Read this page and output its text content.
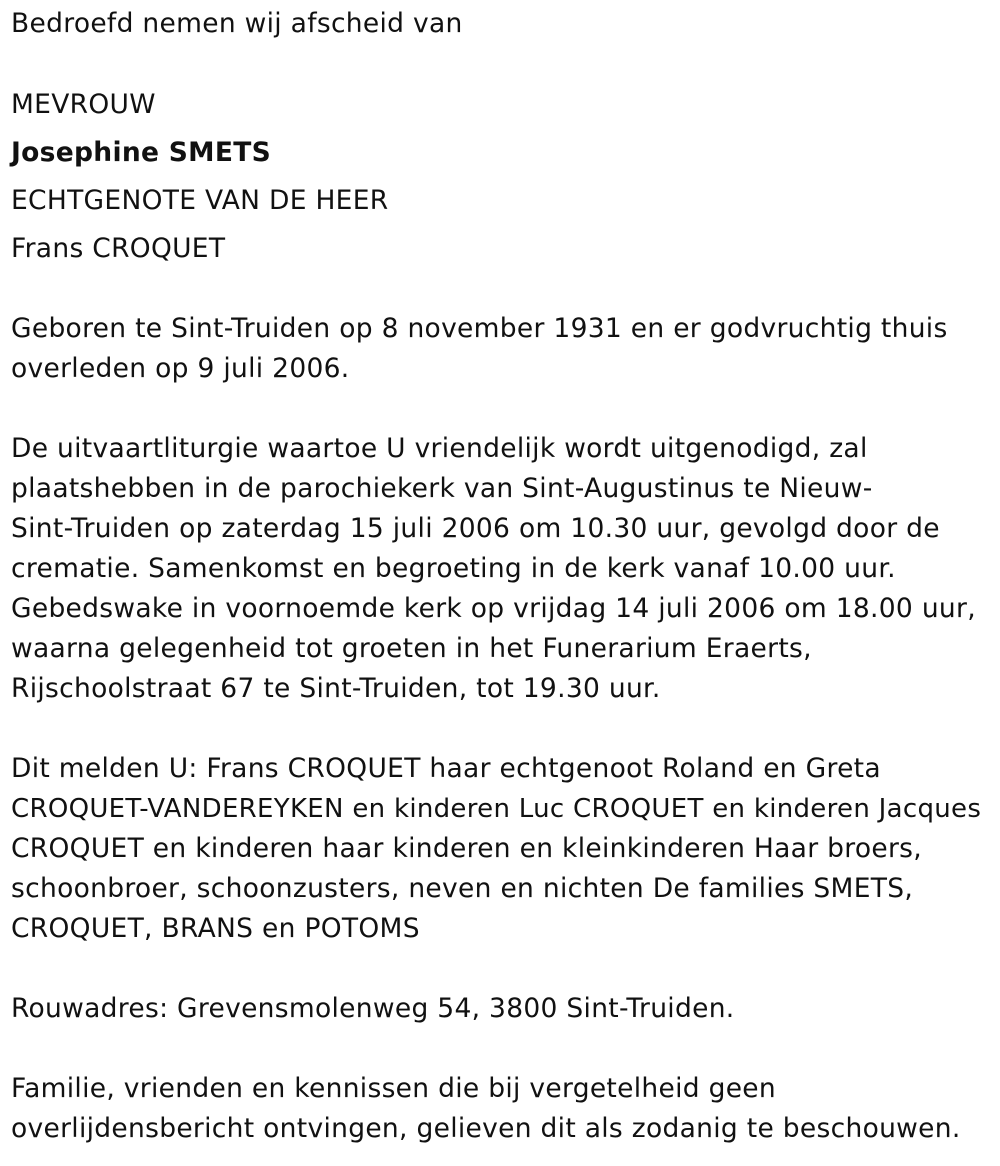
Bedroefd nemen wij afscheid van
MEVROUW
Josephine SMETS
ECHTGENOTE VAN DE HEER
Frans CROQUET
Geboren te Sint-Truiden op 8 november 1931 en er godvruchtig thuis
overleden op 9 juli 2006.
De uitvaartliturgie waartoe U vriendelijk wordt uitgenodigd, zal
plaatshebben in de parochiekerk van Sint-Augustinus te Nieuw-
Sint-Truiden op zaterdag 15 juli 2006 om 10.30 uur, gevolgd door de
crematie. Samenkomst en begroeting in de kerk vanaf 10.00 uur.
Gebedswake in voornoemde kerk op vrijdag 14 juli 2006 om 18.00 uur,
waarna gelegenheid tot groeten in het Funerarium Eraerts,
Rijschoolstraat 67 te Sint-Truiden, tot 19.30 uur.
Dit melden U: Frans CROQUET haar echtgenoot Roland en Greta
CROQUET-VANDEREYKEN en kinderen Luc CROQUET en kinderen Jacques
CROQUET en kinderen haar kinderen en kleinkinderen Haar broers,
schoonbroer, schoonzusters, neven en nichten De families SMETS,
CROQUET, BRANS en POTOMS
Rouwadres: Grevensmolenweg 54, 3800 Sint-Truiden.
Familie, vrienden en kennissen die bij vergetelheid geen
overlijdensbericht ontvingen, gelieven dit als zodanig te beschouwen.
